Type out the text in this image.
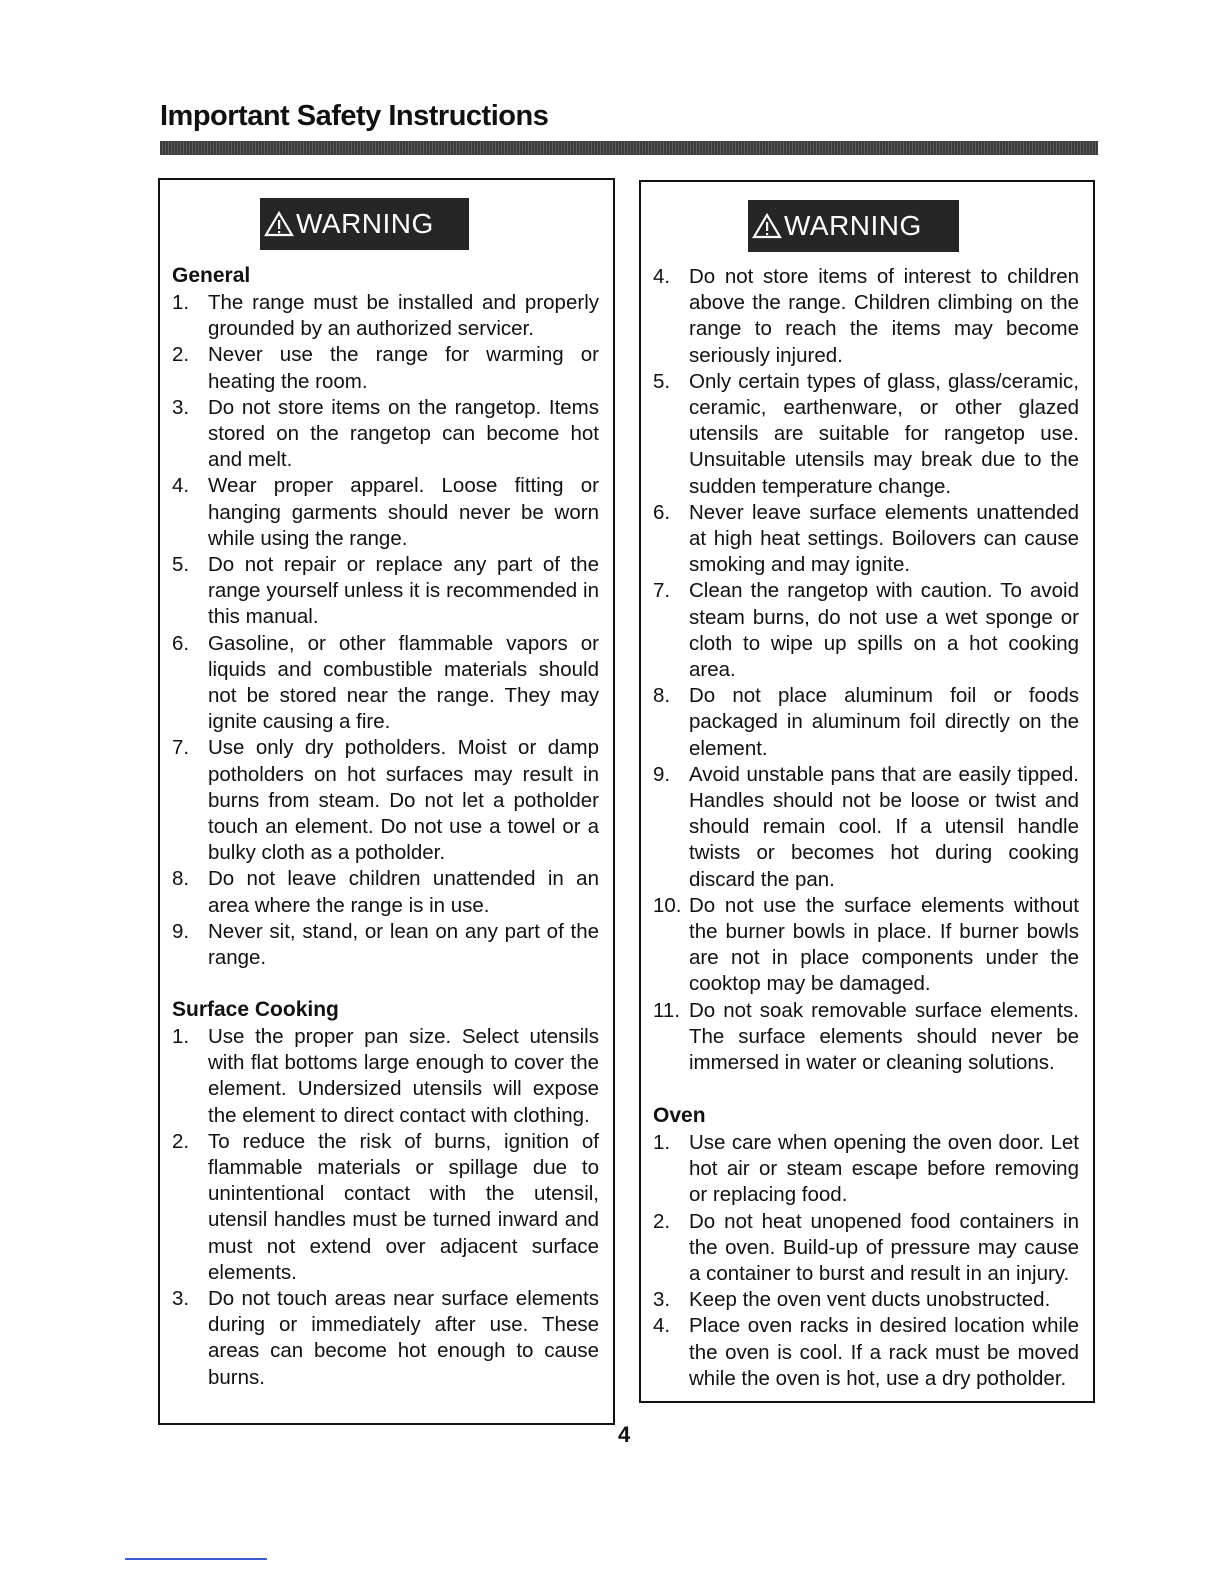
Important Safety Instructions
WARNING
General
1. The range must be installed and properly grounded by an authorized servicer.
2. Never use the range for warming or heating the room.
3. Do not store items on the rangetop. Items stored on the rangetop can become hot and melt.
4. Wear proper apparel. Loose fitting or hanging garments should never be worn while using the range.
5. Do not repair or replace any part of the range yourself unless it is recommended in this manual.
6. Gasoline, or other flammable vapors or liquids and combustible materials should not be stored near the range. They may ignite causing a fire.
7. Use only dry potholders. Moist or damp potholders on hot surfaces may result in burns from steam. Do not let a potholder touch an element. Do not use a towel or a bulky cloth as a potholder.
8. Do not leave children unattended in an area where the range is in use.
9. Never sit, stand, or lean on any part of the range.
Surface Cooking
1. Use the proper pan size. Select utensils with flat bottoms large enough to cover the element. Undersized utensils will expose the element to direct contact with clothing.
2. To reduce the risk of burns, ignition of flammable materials or spillage due to unintentional contact with the utensil, utensil handles must be turned inward and must not extend over adjacent surface elements.
3. Do not touch areas near surface elements during or immediately after use. These areas can become hot enough to cause burns.
WARNING
4. Do not store items of interest to children above the range. Children climbing on the range to reach the items may become seriously injured.
5. Only certain types of glass, glass/ceramic, ceramic, earthenware, or other glazed utensils are suitable for rangetop use. Unsuitable utensils may break due to the sudden temperature change.
6. Never leave surface elements unattended at high heat settings. Boilovers can cause smoking and may ignite.
7. Clean the rangetop with caution. To avoid steam burns, do not use a wet sponge or cloth to wipe up spills on a hot cooking area.
8. Do not place aluminum foil or foods packaged in aluminum foil directly on the element.
9. Avoid unstable pans that are easily tipped. Handles should not be loose or twist and should remain cool. If a utensil handle twists or becomes hot during cooking discard the pan.
10. Do not use the surface elements without the burner bowls in place. If burner bowls are not in place components under the cooktop may be damaged.
11. Do not soak removable surface elements. The surface elements should never be immersed in water or cleaning solutions.
Oven
1. Use care when opening the oven door. Let hot air or steam escape before removing or replacing food.
2. Do not heat unopened food containers in the oven. Build-up of pressure may cause a container to burst and result in an injury.
3. Keep the oven vent ducts unobstructed.
4. Place oven racks in desired location while the oven is cool. If a rack must be moved while the oven is hot, use a dry potholder.
4
